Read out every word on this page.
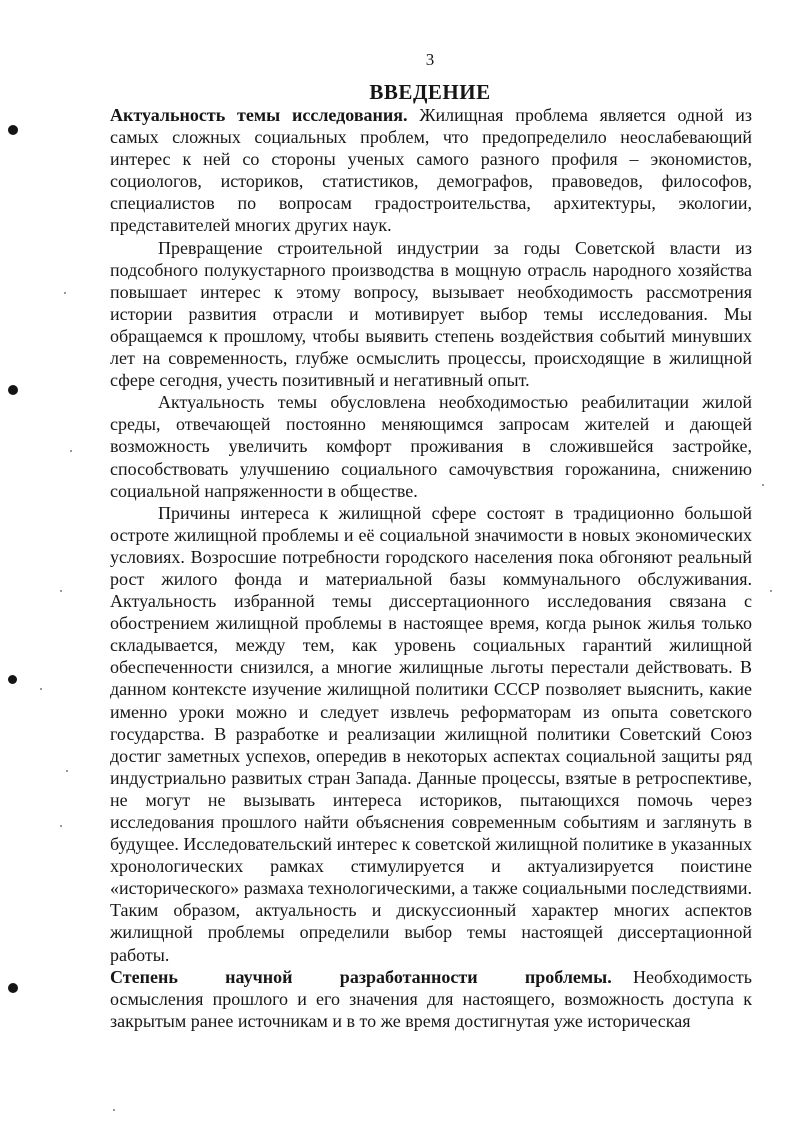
3
ВВЕДЕНИЕ

Актуальность темы исследования. Жилищная проблема является одной из самых сложных социальных проблем, что предопределило неослабевающий интерес к ней со стороны ученых самого разного профиля – экономистов, социологов, историков, статистиков, демографов, правоведов, философов, специалистов по вопросам градостроительства, архитектуры, экологии, представителей многих других наук.

Превращение строительной индустрии за годы Советской власти из подсобного полукустарного производства в мощную отрасль народного хозяйства повышает интерес к этому вопросу, вызывает необходимость рассмотрения истории развития отрасли и мотивирует выбор темы исследования. Мы обращаемся к прошлому, чтобы выявить степень воздействия событий минувших лет на современность, глубже осмыслить процессы, происходящие в жилищной сфере сегодня, учесть позитивный и негативный опыт.

Актуальность темы обусловлена необходимостью реабилитации жилой среды, отвечающей постоянно меняющимся запросам жителей и дающей возможность увеличить комфорт проживания в сложившейся застройке, способствовать улучшению социального самочувствия горожанина, снижению социальной напряженности в обществе.

Причины интереса к жилищной сфере состоят в традиционно большой остроте жилищной проблемы и её социальной значимости в новых экономических условиях. Возросшие потребности городского населения пока обгоняют реальный рост жилого фонда и материальной базы коммунального обслуживания. Актуальность избранной темы диссертационного исследования связана с обострением жилищной проблемы в настоящее время, когда рынок жилья только складывается, между тем, как уровень социальных гарантий жилищной обеспеченности снизился, а многие жилищные льготы перестали действовать. В данном контексте изучение жилищной политики СССР позволяет выяснить, какие именно уроки можно и следует извлечь реформаторам из опыта советского государства. В разработке и реализации жилищной политики Советский Союз достиг заметных успехов, опередив в некоторых аспектах социальной защиты ряд индустриально развитых стран Запада. Данные процессы, взятые в ретроспективе, не могут не вызывать интереса историков, пытающихся помочь через исследования прошлого найти объяснения современным событиям и заглянуть в будущее. Исследовательский интерес к советской жилищной политике в указанных хронологических рамках стимулируется и актуализируется поистине «исторического» размаха технологическими, а также социальными последствиями. Таким образом, актуальность и дискуссионный характер многих аспектов жилищной проблемы определили выбор темы настоящей диссертационной работы.

Степень научной разработанности проблемы. Необходимость осмысления прошлого и его значения для настоящего, возможность доступа к закрытым ранее источникам и в то же время достигнутая уже историческая
